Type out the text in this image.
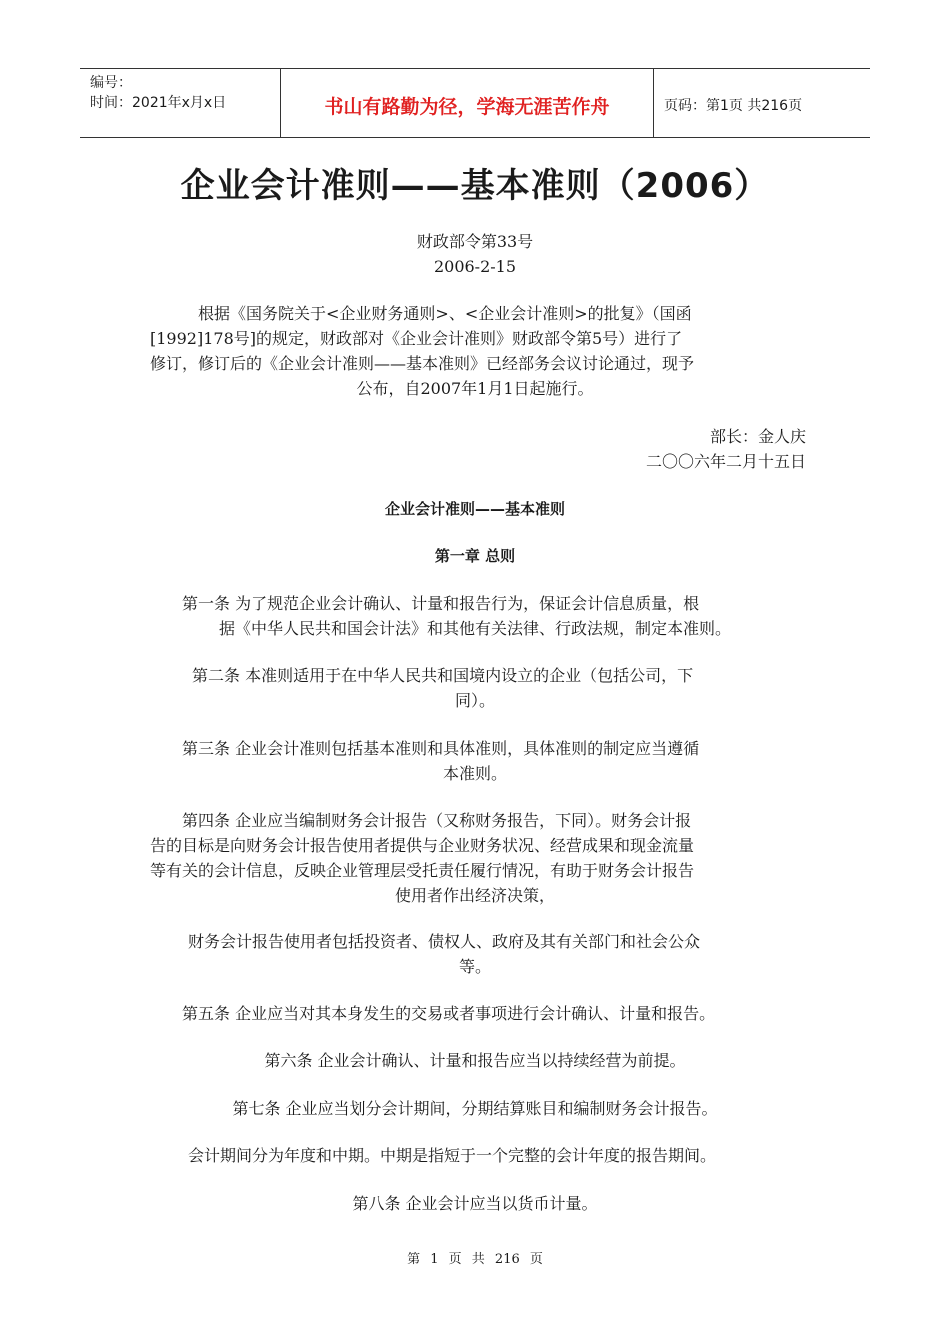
编号：
时间：2021年x月x日	书山有路勤为径，学海无涯苦作舟	页码：第1页 共216页
企业会计准则——基本准则（2006）
财政部令第33号
2006-2-15
根据《国务院关于<企业财务通则>、<企业会计准则>的批复》（国函
[1992]178号]的规定，财政部对《企业会计准则》财政部令第5号）进行了
修订，修订后的《企业会计准则——基本准则》已经部务会议讨论通过，现予
公布，自2007年1月1日起施行。
部长：金人庆
二〇〇六年二月十五日
企业会计准则——基本准则
第一章 总则
第一条 为了规范企业会计确认、计量和报告行为，保证会计信息质量，根
据《中华人民共和国会计法》和其他有关法律、行政法规，制定本准则。
第二条 本准则适用于在中华人民共和国境内设立的企业（包括公司，下
同）。
第三条 企业会计准则包括基本准则和具体准则，具体准则的制定应当遵循
本准则。
第四条 企业应当编制财务会计报告（又称财务报告，下同）。财务会计报
告的目标是向财务会计报告使用者提供与企业财务状况、经营成果和现金流量
等有关的会计信息，反映企业管理层受托责任履行情况，有助于财务会计报告
使用者作出经济决策，
财务会计报告使用者包括投资者、债权人、政府及其有关部门和社会公众
等。
第五条 企业应当对其本身发生的交易或者事项进行会计确认、计量和报告。
第六条 企业会计确认、计量和报告应当以持续经营为前提。
第七条 企业应当划分会计期间，分期结算账目和编制财务会计报告。
会计期间分为年度和中期。中期是指短于一个完整的会计年度的报告期间。
第八条 企业会计应当以货币计量。
第 1 页 共 216 页
